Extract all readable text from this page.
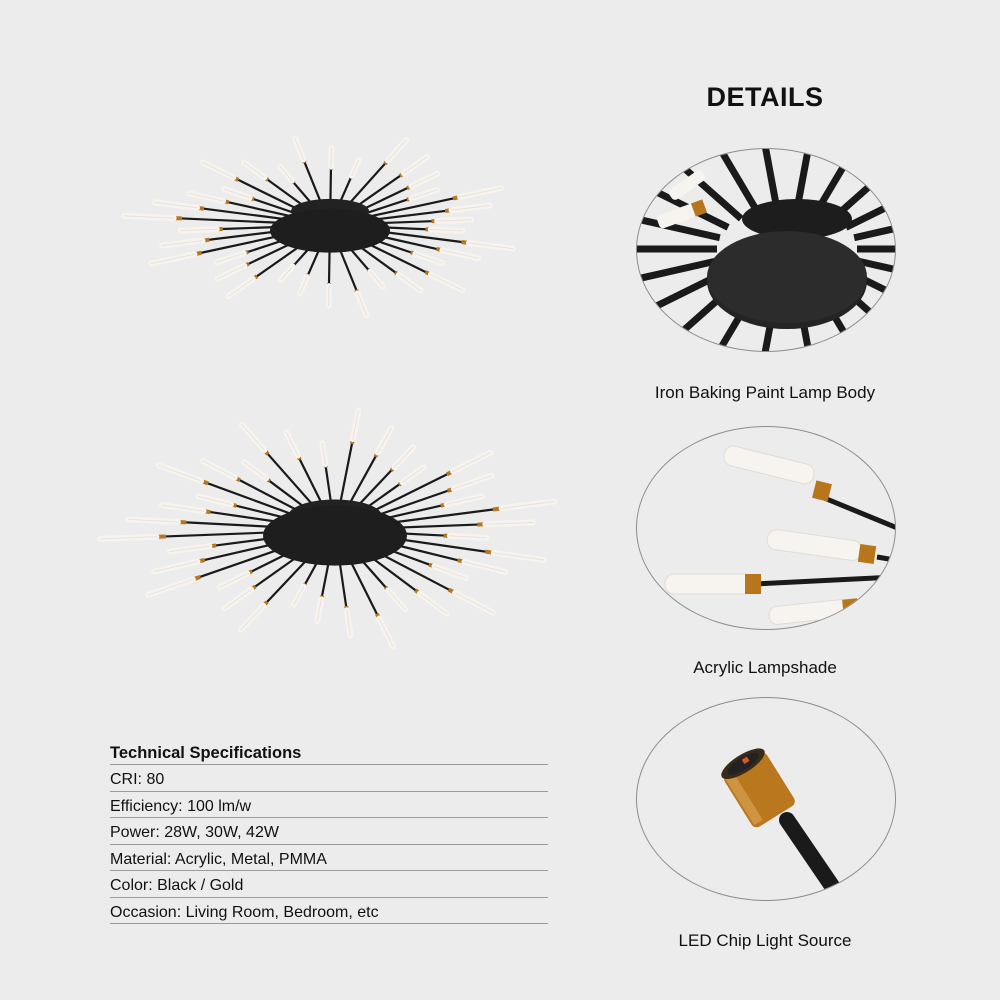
DETAILS
Iron Baking Paint Lamp Body
Acrylic Lampshade
LED Chip Light Source
Technical Specifications
CRI: 80
Efficiency: 100 lm/w
Power: 28W, 30W, 42W
Material: Acrylic, Metal, PMMA
Color: Black / Gold
Occasion: Living Room, Bedroom, etc
